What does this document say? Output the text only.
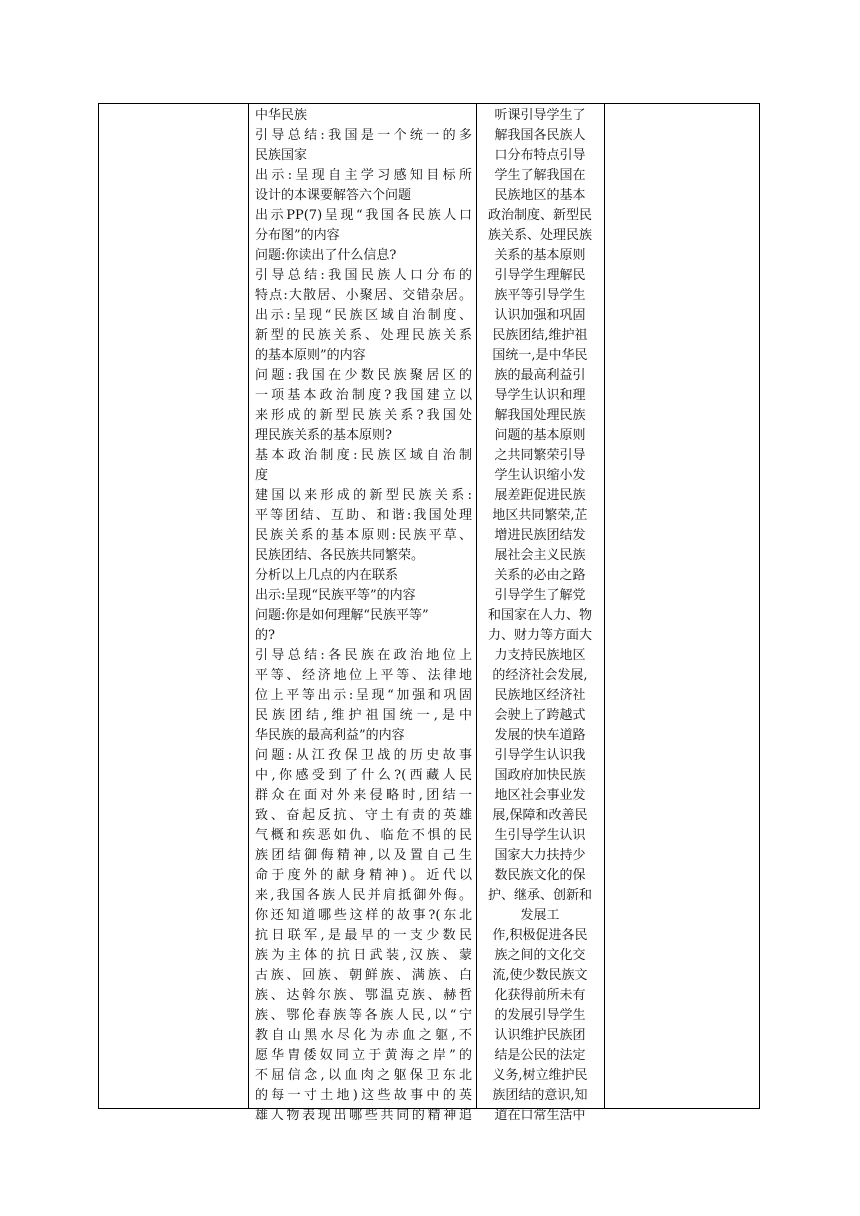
中华民族
引导总结:我国是一个统一的多
民族国家
出示:呈现自主学习感知目标所
设计的本课要解答六个问题
出示PP(7)呈现“我国各民族人口
分布图”的内容
问题:你读出了什么信息?
引导总结:我国民族人口分布的
特点:大散居、小聚居、交错杂居。
出示:呈现“民族区域自治制度、
新型的民族关系、处理民族关系
的基本原则”的内容
问题:我国在少数民族聚居区的
一项基本政治制度?我国建立以
来形成的新型民族关系?我国处
理民族关系的基本原则?
基本政治制度:民族区域自治制
度
建国以来形成的新型民族关系:
平等团结、互助、和谐:我国处理
民族关系的基本原则:民族平草、
民族团结、各民族共同繁荣。
分析以上几点的内在联系
出示:呈现“民族平等”的内容
问题:你是如何理解“民族平等”
的?
引导总结:各民族在政治地位上
平等、经济地位上平等、法律地
位上平等出示:呈现“加强和巩固
民族团结,维护祖国统一,是中
华民族的最高利益”的内容
问题:从江孜保卫战的历史故事
中,你感受到了什么?(西藏人民
群众在面对外来侵略时,团结一
致、奋起反抗、守土有责的英雄
气概和疾恶如仇、临危不惧的民
族团结御侮精神,以及置自己生
命于度外的献身精神)。近代以
来,我国各族人民并肩抵御外侮。
你还知道哪些这样的故事?(东北
抗日联军,是最早的一支少数民
族为主体的抗日武装,汉族、蒙
古族、回族、朝鲜族、满族、白
族、达斡尔族、鄂温克族、赫哲
族、鄂伦春族等各族人民,以“宁
教自山黑水尽化为赤血之躯,不
愿华胄倭奴同立于黄海之岸”的
不屈信念,以血肉之躯保卫东北
的每一寸土地)这些故事中的英
雄人物表现出哪些共同的精神追
听课引导学生了
解我国各民族人
口分布特点引导
学生了解我国在
民族地区的基本
政治制度、新型民
族关系、处理民族
关系的基本原则
引导学生理解民
族平等引导学生
认识加强和巩固
民族团结,维护祖
国统一,是中华民
族的最高利益引
导学生认识和理
解我国处理民族
问题的基本原则
之共同繁荣引导
学生认识缩小发
展差距促进民族
地区共同繁荣,芷
增进民族团结发
展社会主义民族
关系的必由之路
引导学生了解党
和国家在人力、物
力、财力等方面大
力支持民族地区
的经济社会发展,
民族地区经济社
会驶上了跨越式
发展的快车道路
引导学生认识我
国政府加快民族
地区社会事业发
展,保障和改善民
生引导学生认识
国家大力扶持少
数民族文化的保
护、继承、创新和
发展工
作,积极促进各民
族之间的文化交
流,使少数民族文
化获得前所未有
的发展引导学生
认识维护民族团
结是公民的法定
义务,树立维护民
族团结的意识,知
道在口常生活中
